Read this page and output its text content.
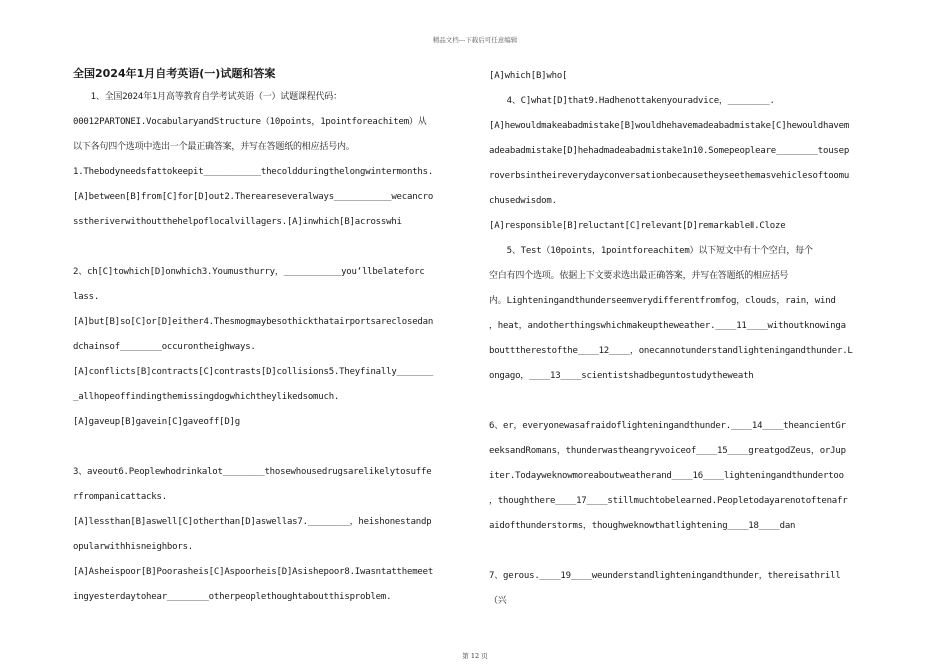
精品文档---下载后可任意编辑
全国2024年1月自考英语(一)试题和答案
　　1、全国2024年1月高等教育自学考试英语（一）试题课程代码：
00012PARTONEI.VocabularyandStructure（10points，1pointforeachitem）从
以下各句四个选项中选出一个最正确答案，并写在答题纸的相应括号内。
1.Thebodyneedsfattokeepit___________thecoldduringthelongwintermonths.
[A]between[B]from[C]for[D]out2.Thereareseveralways___________wecancro
sstheriverwithoutthehelpoflocalvillagers.[A]inwhich[B]acrosswhi
2、ch[C]towhich[D]onwhich3.Youmusthurry，___________you‘llbelateforc
lass.
[A]but[B]so[C]or[D]either4.Thesmogmaybesothickthatairportsareclosedan
dchainsof________occurontheighways.
[A]conflicts[B]contracts[C]contrasts[D]collisions5.Theyfinally_______
_allhopeoffindingthemissingdogwhichtheylikedsomuch.
[A]gaveup[B]gavein[C]gaveoff[D]g
3、aveout6.Peoplewhodrinkalot________thosewhousedrugsarelikelytosuffe
rfrompanicattacks.
[A]lessthan[B]aswell[C]otherthan[D]aswellas7.________，heishonestandp
opularwithhisneighbors.
[A]Asheispoor[B]Poorasheis[C]Aspoorheis[D]Asishepoor8.Iwasntatthemeet
ingyesterdaytohear________otherpeoplethoughtaboutthisproblem.
[A]which[B]who[
　　4、C]what[D]that9.Hadhenottakenyouradvice，________.
[A]hewouldmakeabadmistake[B]wouldhehavemadeabadmistake[C]hewouldhavem
adeabadmistake[D]hehadmadeabadmistake1n10.Somepeopleare________tousep
roverbsintheireverydayconversationbecausetheyseethemasvehiclesoftoomu
chusedwisdom.
[A]responsible[B]reluctant[C]relevant[D]remarkableⅡ.Cloze
　　5、Test（10points，1pointforeachitem）以下短文中有十个空白，每个
空白有四个选项。依据上下文要求选出最正确答案，并写在答题纸的相应括号
内。Lighteningandthunderseemverydifferentfromfog，clouds，rain，wind
，heat，andotherthingswhichmakeuptheweather.____11____withoutknowinga
boutttherestofthe____12____，onecannotunderstandlighteningandthunder.L
ongago，____13____scientistshadbeguntostudytheweath
6、er，everyonewasafraidoflighteningandthunder.____14____theancientGr
eeksandRomans，thunderwastheangryvoiceof____15____greatgodZeus，orJup
iter.Todayweknowmoreaboutweatherand____16____lighteningandthundertoo
，thoughthere____17____stillmuchtobelearned.Peopletodayarenotoftenafr
aidofthunderstorms，thoughweknowthatlightening____18____dan
7、gerous.____19____weunderstandlighteningandthunder，thereisathrill
（兴
第 12 页
